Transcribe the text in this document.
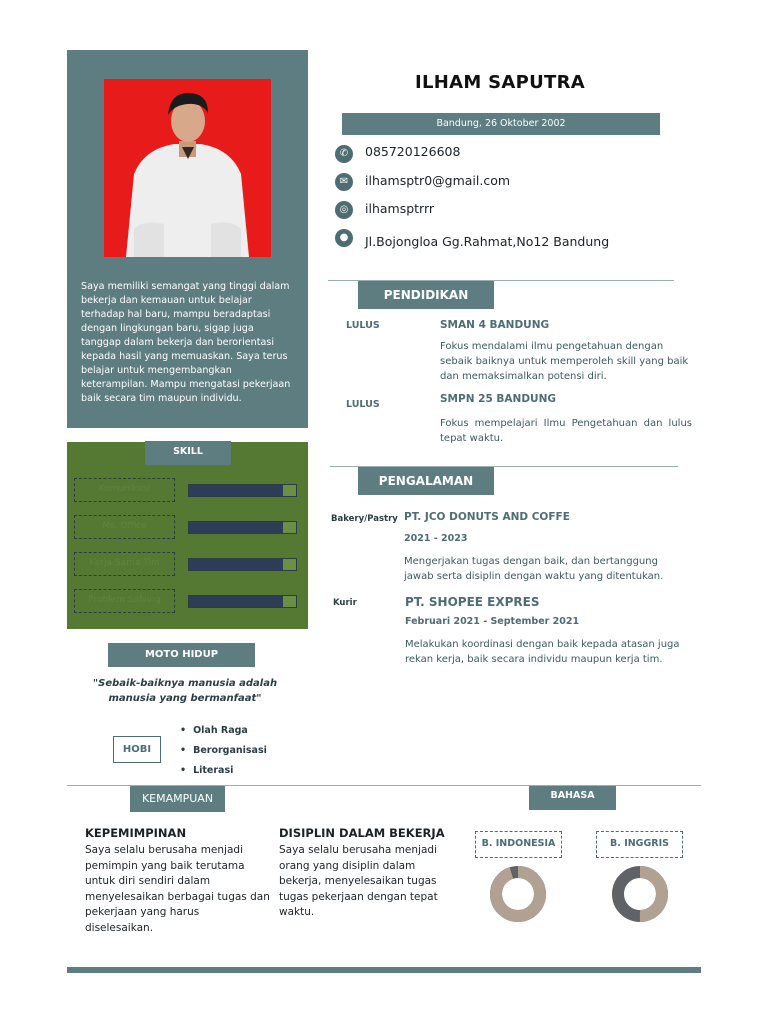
Saya memiliki semangat yang tinggi dalam bekerja dan kemauan untuk belajar terhadap hal baru, mampu beradaptasi dengan lingkungan baru, sigap juga tanggap dalam bekerja dan berorientasi kepada hasil yang memuaskan. Saya terus belajar untuk mengembangkan keterampilan. Mampu mengatasi pekerjaan baik secara tim maupun individu.
SKILL
Komunikasi
Ms. Office
Kerja Sama Tim
Problem Solving
MOTO HIDUP
"Sebaik-baiknya manusia adalah manusia yang bermanfaat"
HOBI
• Olah Raga
• Berorganisasi
• Literasi
ILHAM SAPUTRA
Bandung, 26 Oktober 2002
✆	085720126608
✉	ilhamsptr0@gmail.com
◎	ilhamsptrrr
●	Jl.Bojongloa Gg.Rahmat,No12 Bandung
PENDIDIKAN
LULUS	SMAN 4 BANDUNG
Fokus mendalami ilmu pengetahuan dengan sebaik baiknya untuk memperoleh skill yang baik dan memaksimalkan potensi diri.
LULUS	SMPN 25 BANDUNG
Fokus mempelajari Ilmu Pengetahuan dan lulus tepat waktu.
PENGALAMAN
Bakery/Pastry PT. JCO DONUTS AND COFFE
2021 - 2023
Mengerjakan tugas dengan baik, dan bertanggung jawab serta disiplin dengan waktu yang ditentukan.
Kurir	PT. SHOPEE EXPRES
Februari 2021 - September 2021
Melakukan koordinasi dengan baik kepada atasan juga rekan kerja, baik secara individu maupun kerja tim.
KEMAMPUAN	BAHASA
KEPEMIMPINAN
Saya selalu berusaha menjadi pemimpin yang baik terutama untuk diri sendiri dalam menyelesaikan berbagai tugas dan pekerjaan yang harus diselesaikan.
DISIPLIN DALAM BEKERJA
Saya selalu berusaha menjadi orang yang disiplin dalam bekerja, menyelesaikan tugas tugas pekerjaan dengan tepat waktu.
B. INDONESIA	B. INGGRIS
